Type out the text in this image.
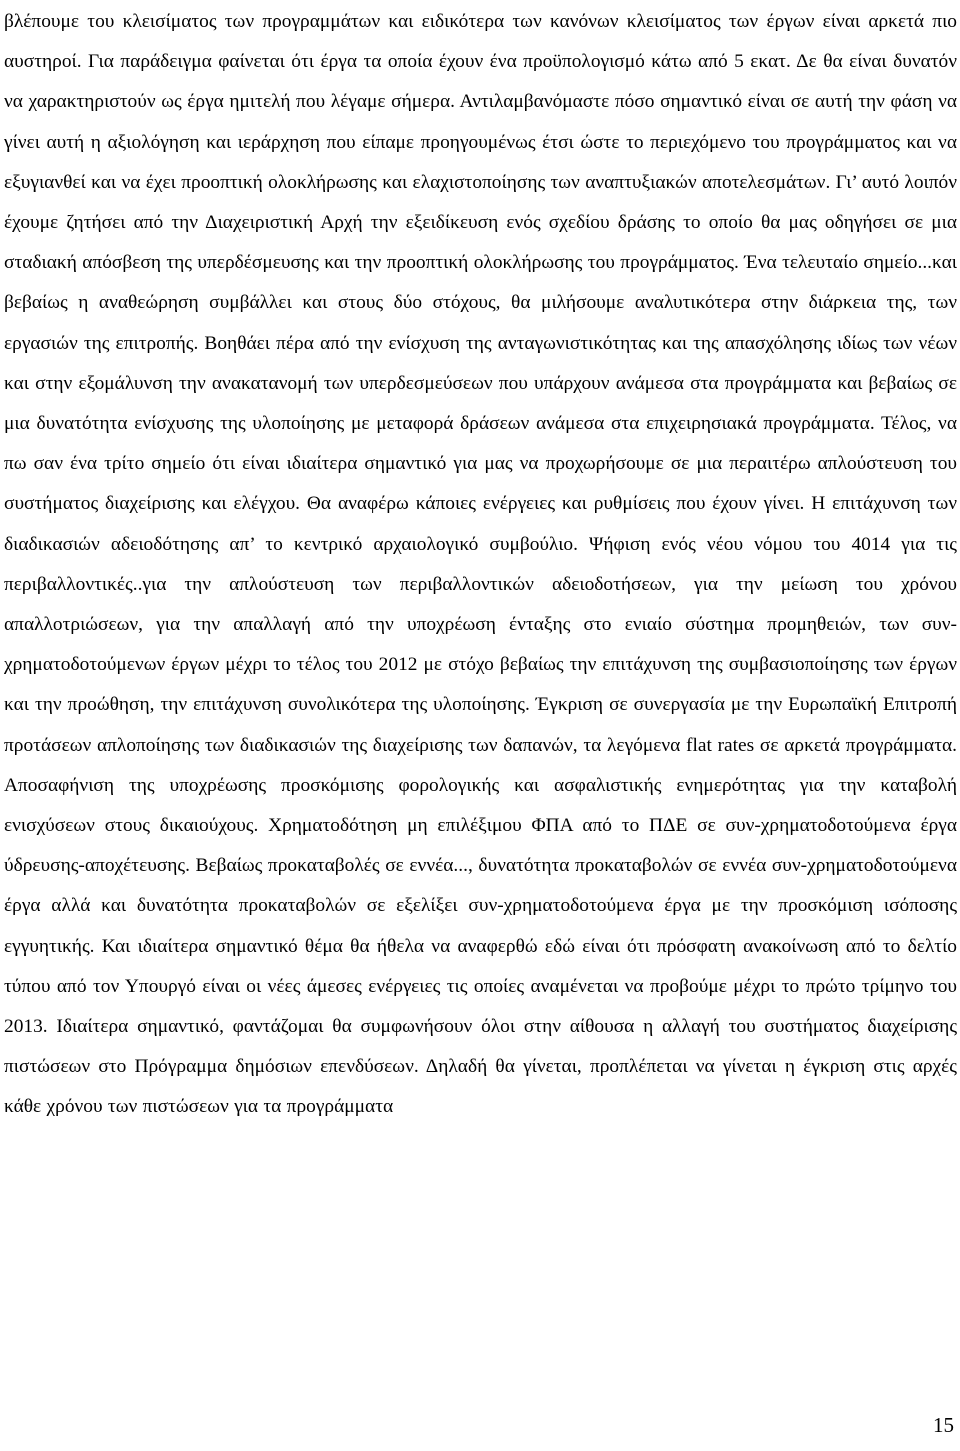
βλέπουμε του κλεισίματος των προγραμμάτων και ειδικότερα των κανόνων κλεισίματος των έργων είναι αρκετά πιο αυστηροί. Για παράδειγμα φαίνεται ότι έργα τα οποία έχουν ένα προϋπολογισμό κάτω από 5 εκατ. Δε θα είναι δυνατόν να χαρακτηριστούν ως έργα ημιτελή που λέγαμε σήμερα. Αντιλαμβανόμαστε πόσο σημαντικό είναι σε αυτή την φάση να γίνει αυτή η αξιολόγηση και ιεράρχηση που είπαμε προηγουμένως έτσι ώστε το περιεχόμενο του προγράμματος και να εξυγιανθεί και να έχει προοπτική ολοκλήρωσης και ελαχιστοποίησης των αναπτυξιακών αποτελεσμάτων. Γι’ αυτό λοιπόν έχουμε ζητήσει από την Διαχειριστική Αρχή την εξειδίκευση ενός σχεδίου δράσης το οποίο θα μας οδηγήσει σε μια σταδιακή απόσβεση της υπερδέσμευσης και την προοπτική ολοκλήρωσης του προγράμματος. Ένα τελευταίο σημείο...και βεβαίως η αναθεώρηση συμβάλλει και στους δύο στόχους, θα μιλήσουμε αναλυτικότερα στην διάρκεια της, των εργασιών της επιτροπής. Βοηθάει πέρα από την ενίσχυση της ανταγωνιστικότητας και της απασχόλησης ιδίως των νέων και στην εξομάλυνση την ανακατανομή των υπερδεσμεύσεων που υπάρχουν ανάμεσα στα προγράμματα και βεβαίως σε μια δυνατότητα ενίσχυσης της υλοποίησης με μεταφορά δράσεων ανάμεσα στα επιχειρησιακά προγράμματα. Τέλος, να πω σαν ένα τρίτο σημείο ότι είναι ιδιαίτερα σημαντικό για μας να προχωρήσουμε σε μια περαιτέρω απλούστευση του συστήματος διαχείρισης και ελέγχου. Θα αναφέρω κάποιες ενέργειες και ρυθμίσεις που έχουν γίνει. Η επιτάχυνση των διαδικασιών αδειοδότησης απ’ το κεντρικό αρχαιολογικό συμβούλιο. Ψήφιση ενός νέου νόμου του 4014 για τις περιβαλλοντικές..για την απλούστευση των περιβαλλοντικών αδειοδοτήσεων, για την μείωση του χρόνου απαλλοτριώσεων, για την απαλλαγή από την υποχρέωση ένταξης στο ενιαίο σύστημα προμηθειών, των συν-χρηματοδοτούμενων έργων μέχρι το τέλος του 2012 με στόχο βεβαίως την επιτάχυνση της συμβασιοποίησης των έργων και την προώθηση, την επιτάχυνση συνολικότερα της υλοποίησης. Έγκριση σε συνεργασία με την Ευρωπαϊκή Επιτροπή προτάσεων απλοποίησης των διαδικασιών της διαχείρισης των δαπανών, τα λεγόμενα flat rates σε αρκετά προγράμματα. Αποσαφήνιση της υποχρέωσης προσκόμισης φορολογικής και ασφαλιστικής ενημερότητας για την καταβολή ενισχύσεων στους δικαιούχους. Χρηματοδότηση μη επιλέξιμου ΦΠΑ από το ΠΔΕ σε συν-χρηματοδοτούμενα έργα ύδρευσης-αποχέτευσης. Βεβαίως προκαταβολές σε εννέα..., δυνατότητα προκαταβολών σε εννέα συν-χρηματοδοτούμενα έργα αλλά και δυνατότητα προκαταβολών σε εξελίξει συν-χρηματοδοτούμενα έργα με την προσκόμιση ισόποσης εγγυητικής. Και ιδιαίτερα σημαντικό θέμα θα ήθελα να αναφερθώ εδώ είναι ότι πρόσφατη ανακοίνωση από το δελτίο τύπου από τον Υπουργό είναι οι νέες άμεσες ενέργειες τις οποίες αναμένεται να προβούμε μέχρι το πρώτο τρίμηνο του 2013. Ιδιαίτερα σημαντικό, φαντάζομαι θα συμφωνήσουν όλοι στην αίθουσα η αλλαγή του συστήματος διαχείρισης πιστώσεων στο Πρόγραμμα δημόσιων επενδύσεων. Δηλαδή θα γίνεται, προπλέπεται να γίνεται η έγκριση στις αρχές κάθε χρόνου των πιστώσεων για τα προγράμματα

15
